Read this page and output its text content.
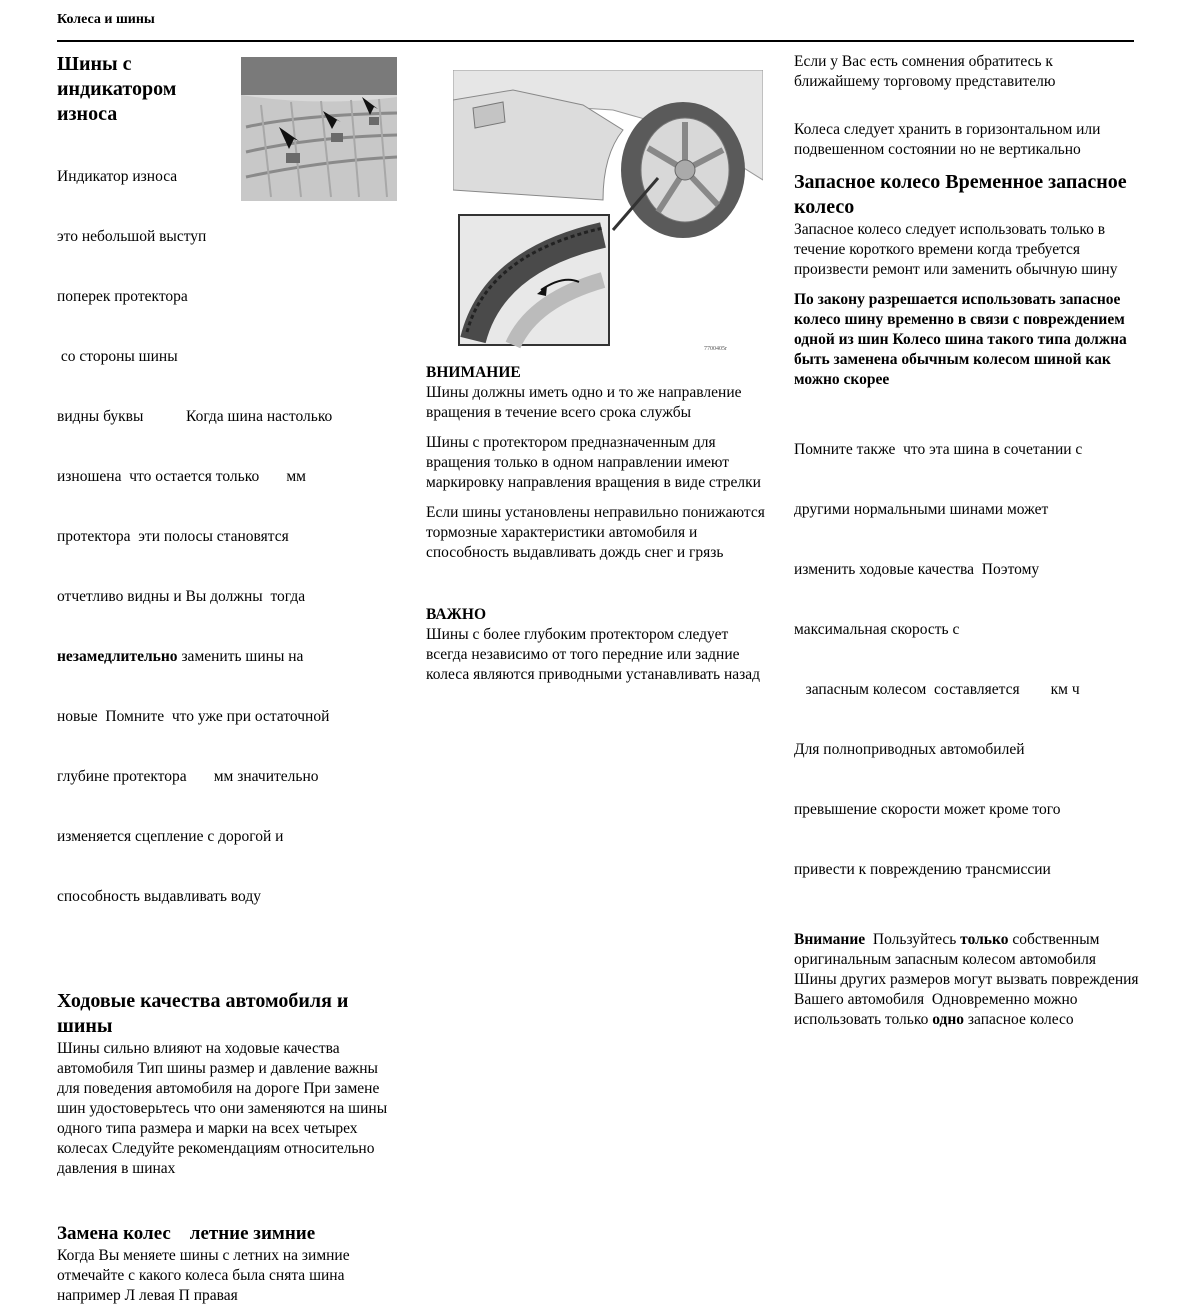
Колеса и шины
Шины с
индикатором
износа

Индикатор износа

это небольшой выступ

поперек протектора

со стороны шины

видны буквы           Когда шина настолько

изношена  что остается только       мм

протектора  эти полосы становятся

отчетливо видны и Вы должны  тогда

незамедлительно заменить шины на

новые  Помните  что уже при остаточной

глубине протектора       мм значительно

изменяется сцепление с дорогой и

способность выдавливать воду

Ходовые качества автомобиля и шины

Шины сильно влияют на ходовые качества автомобиля Тип шины размер и давление важны для поведения автомобиля на дороге При замене шин удостоверьтесь что они заменяются на шины одного типа размера и марки на всех четырех колесах Следуйте рекомендациям относительно давления в шинах

Замена колес    летние зимние

Когда Вы меняете шины с летних на зимние отмечайте с какого колеса была снята шина например Л левая П правая

7700405r
ВНИМАНИЕ

Шины должны иметь одно и то же направление вращения в течение всего срока службы

Шины с протектором предназначенным для вращения только в одном направлении имеют маркировку направления вращения в виде стрелки

Если шины установлены неправильно понижаются тормозные характеристики автомобиля и способность выдавливать дождь снег и грязь

ВАЖНО

Шины с более глубоким протектором следует всегда независимо от того передние или задние колеса являются приводными устанавливать назад

Если у Вас есть сомнения обратитесь к ближайшему торговому представителю

Колеса следует хранить в горизонтальном или подвешенном состоянии но не вертикально

Запасное колесо Временное запасное колесо

Запасное колесо следует использовать только в течение короткого времени когда требуется произвести ремонт или заменить обычную шину

По закону разрешается использовать запасное колесо шину временно в связи с повреждением одной из шин Колесо шина такого типа должна быть заменена обычным колесом шиной как можно скорее

Помните также  что эта шина в сочетании с

другими нормальными шинами может

изменить ходовые качества  Поэтому

максимальная скорость с

запасным колесом  составляется        км ч

Для полноприводных автомобилей

превышение скорости может кроме того

привести к повреждению трансмиссии

Внимание  Пользуйтесь только собственным оригинальным запасным колесом автомобиля  Шины других размеров могут вызвать повреждения Вашего автомобиля  Одновременно можно использовать только одно запасное колесо
